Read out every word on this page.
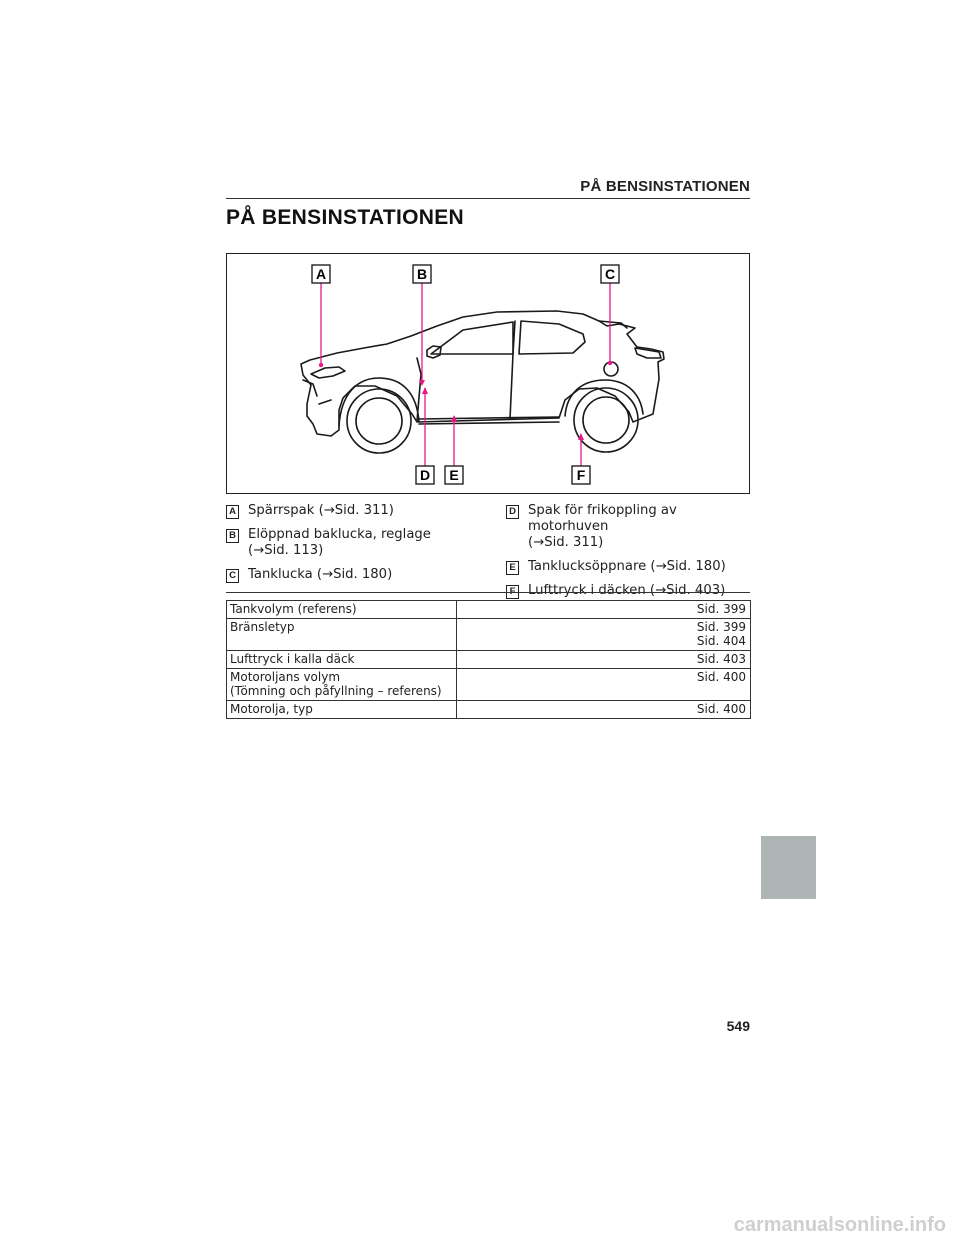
PÅ BENSINSTATIONEN
PÅ BENSINSTATIONEN
A	B	C
D E	F
A Spärrspak (→Sid. 311)
B Elöppnad baklucka, reglage
(→Sid. 113)
C Tanklucka (→Sid. 180)
D Spak för frikoppling av motorhuven
(→Sid. 311)
E Tanklucksöppnare (→Sid. 180)
F Lufttryck i däcken (→Sid. 403)
Tankvolym (referens)	Sid. 399
Bränsletyp	Sid. 399
Sid. 404
Lufttryck i kalla däck	Sid. 403
Motoroljans volym
(Tömning och påfyllning – referens)	Sid. 400
Motorolja, typ	Sid. 400
549
carmanualsonline.info
